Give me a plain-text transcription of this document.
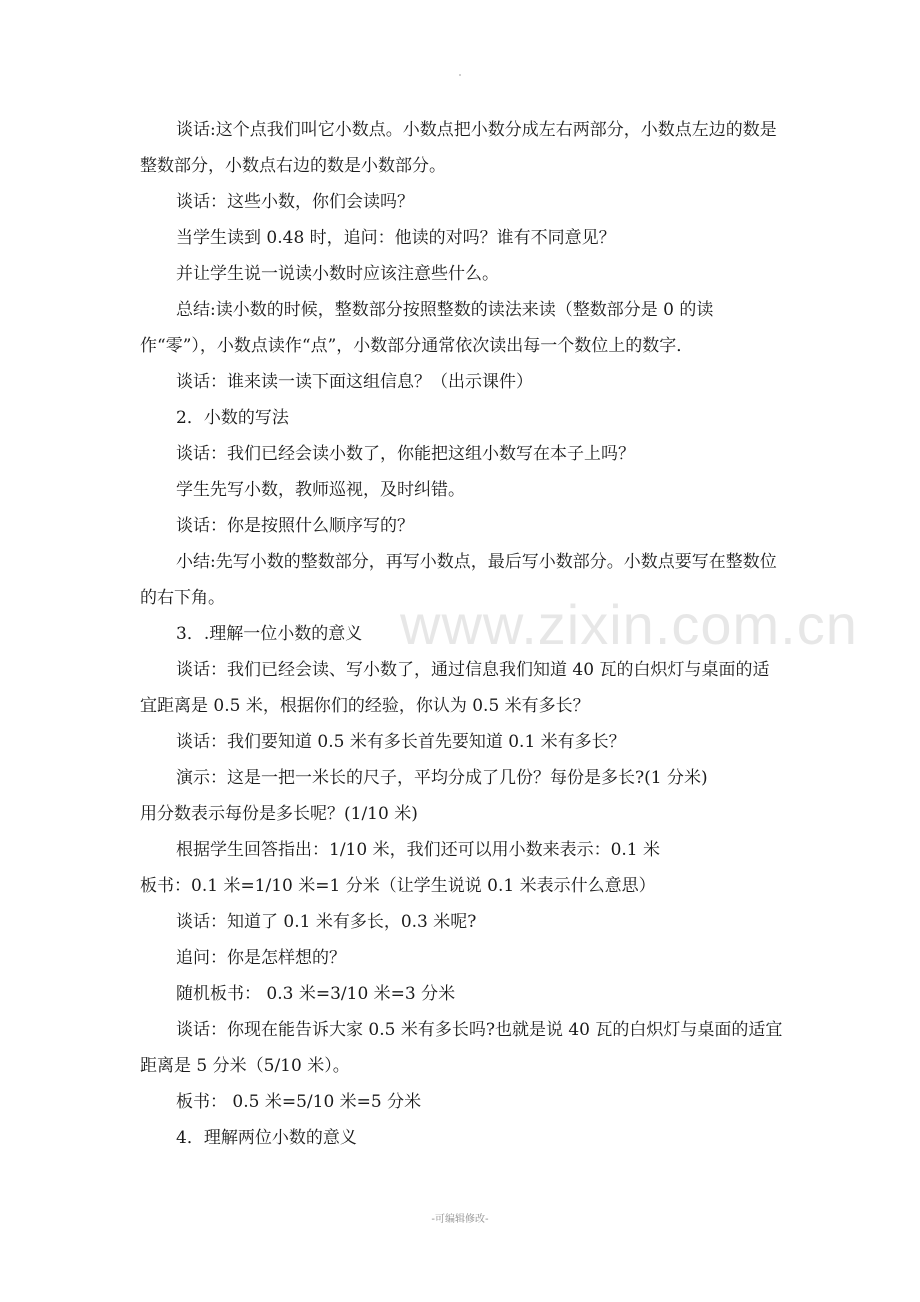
谈话:这个点我们叫它小数点。小数点把小数分成左右两部分，小数点左边的数是整数部分，小数点右边的数是小数部分。

谈话：这些小数，你们会读吗？

当学生读到 0.48 时，追问：他读的对吗？谁有不同意见？

并让学生说一说读小数时应该注意些什么。

总结:读小数的时候，整数部分按照整数的读法来读（整数部分是 0 的读作“零”），小数点读作“点”，小数部分通常依次读出每一个数位上的数字．

谈话：谁来读一读下面这组信息？（出示课件）

2．小数的写法

谈话：我们已经会读小数了，你能把这组小数写在本子上吗？

学生先写小数，教师巡视，及时纠错。

谈话：你是按照什么顺序写的？

小结:先写小数的整数部分，再写小数点，最后写小数部分。小数点要写在整数位的右下角。

3．.理解一位小数的意义

谈话：我们已经会读、写小数了，通过信息我们知道 40 瓦的白炽灯与桌面的适宜距离是 0.5 米，根据你们的经验，你认为 0.5 米有多长？

谈话：我们要知道 0.5 米有多长首先要知道 0.1 米有多长？

演示：这是一把一米长的尺子，平均分成了几份？每份是多长?(1 分米)

用分数表示每份是多长呢？(1/10 米)

根据学生回答指出：1/10 米，我们还可以用小数来表示：0.1 米

板书：0.1 米=1/10 米=1 分米（让学生说说 0.1 米表示什么意思）

谈话：知道了 0.1 米有多长，0.3 米呢?

追问：你是怎样想的？

随机板书： 0.3 米=3/10 米=3 分米

谈话：你现在能告诉大家 0.5 米有多长吗?也就是说 40 瓦的白炽灯与桌面的适宜距离是 5 分米（5/10 米）。

板书： 0.5 米=5/10 米=5 分米

4．理解两位小数的意义

www.zixin.com.cn
-可编辑修改-
